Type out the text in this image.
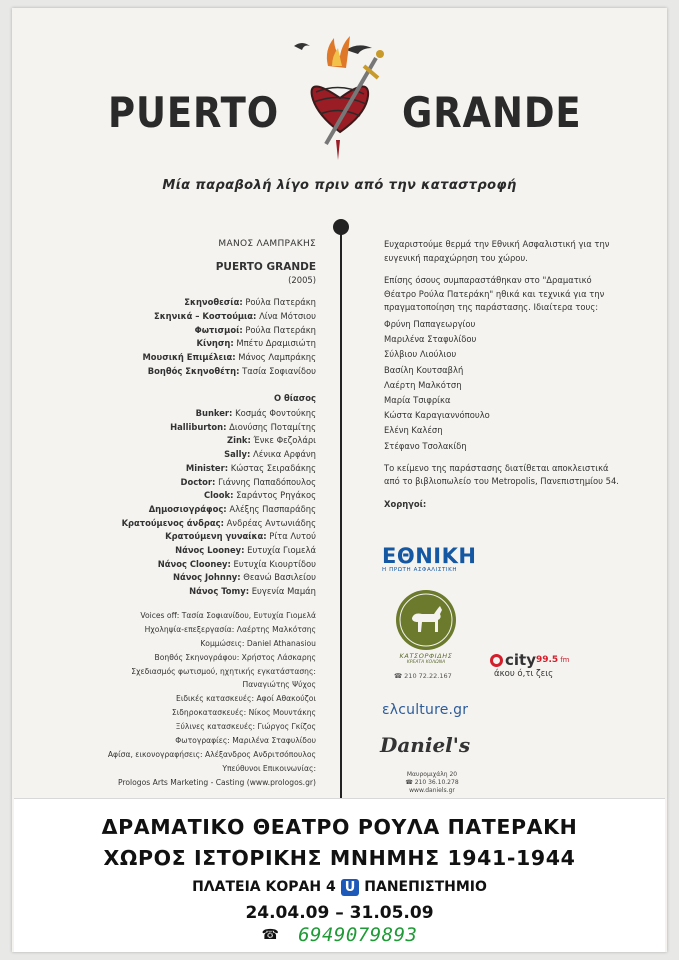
PUERTO	GRANDE
Μία παραβολή λίγο πριν από την καταστροφή
ΜΑΝΟΣ ΛΑΜΠΡΑΚΗΣ
PUERTO GRANDE
(2005)
Σκηνοθεσία: Ρούλα Πατεράκη
Σκηνικά – Κοστούμια: Λίνα Μότσιου
Φωτισμοί: Ρούλα Πατεράκη
Κίνηση: Μπέτυ Δραμισιώτη
Μουσική Επιμέλεια: Μάνος Λαμπράκης
Βοηθός Σκηνοθέτη: Τασία Σοφιανίδου
Ο θίασος
Bunker: Κοσμάς Φοντούκης
Halliburton: Διονύσης Ποταμίτης
Zink: Ένκε Φεζολάρι
Sally: Λένικα Αρφάνη
Minister: Κώστας Σειραδάκης
Doctor: Γιάννης Παπαδόπουλος
Clook: Σαράντος Ρηγάκος
Δημοσιογράφος: Αλέξης Πασπαράδης
Κρατούμενος άνδρας: Ανδρέας Αντωνιάδης
Κρατούμενη γυναίκα: Ρίτα Λυτού
Νάνος Looney: Ευτυχία Γιομελά
Νάνος Clooney: Ευτυχία Κιουρτίδου
Νάνος Johnny: Θεανώ Βασιλείου
Νάνος Tomy: Ευγενία Μαμάη
Voices off: Τασία Σοφιανίδου, Ευτυχία Γιομελά
Ηχοληψία-επεξεργασία: Λαέρτης Μαλκότσης
Κομμώσεις: Daniel Athanasiou
Βοηθός Σκηνογράφου: Χρήστος Λάσκαρης
Σχεδιασμός φωτισμού, ηχητικής εγκατάστασης:
Παναγιώτης Ψύχος
Ειδικές κατασκευές: Αφοί Αθακούζοι
Σιδηροκατασκευές: Νίκος Μουντάκης
Ξύλινες κατασκευές: Γιώργος Γκίζος
Φωτογραφίες: Μαριλένα Σταφυλίδου
Αφίσα, εικονογραφήσεις: Αλέξανδρος Ανδριτσόπουλος
Υπεύθυνοι Επικοινωνίας:
Prologos Arts Marketing - Casting (www.prologos.gr)

Ευχαριστούμε θερμά την Εθνική Ασφαλιστική για την ευγενική παραχώρηση του χώρου.

Επίσης όσους συμπαραστάθηκαν στο "Δραματικό Θέατρο Ρούλα Πατεράκη" ηθικά και τεχνικά για την πραγματοποίηση της παράστασης. Ιδιαίτερα τους:

Φρύνη Παπαγεωργίου
Μαριλένα Σταφυλίδου
Σύλβιου Λιούλιου
Βασίλη Κουτσαβλή
Λαέρτη Μαλκότση
Μαρία Τσιφρίκα
Κώστα Καραγιαννόπουλο
Ελένη Καλέση
Στέφανο Τσολακίδη

Το κείμενο της παράστασης διατίθεται αποκλειστικά από το βιβλιοπωλείο του Metropolis, Πανεπιστημίου 54.

Χορηγοί:
ΕΘΝΙΚΗ
Η ΠΡΩΤΗ ΑΣΦΑΛΙΣΤΙΚΗ
ΚΑΤΣΟΡΦΙΔΗΣ
ΚΡΕΑΤΑ ΚΟΛΩΝΑ
☎ 210 72.22.167
city 99.5 fm
άκου ό,τι ζεις
ελculture.gr
Daniel's
Μαυρομιχάλη 20
☎ 210 36.10.278
www.daniels.gr
ΔΡΑΜΑΤΙΚΟ ΘΕΑΤΡΟ ΡΟΥΛΑ ΠΑΤΕΡΑΚΗ
ΧΩΡΟΣ ΙΣΤΟΡΙΚΗΣ ΜΝΗΜΗΣ 1941-1944
ΠΛΑΤΕΙΑ ΚΟΡΑΗ 4 U ΠΑΝΕΠΙΣΤΗΜΙΟ
24.04.09 – 31.05.09
☎ 6949079893
